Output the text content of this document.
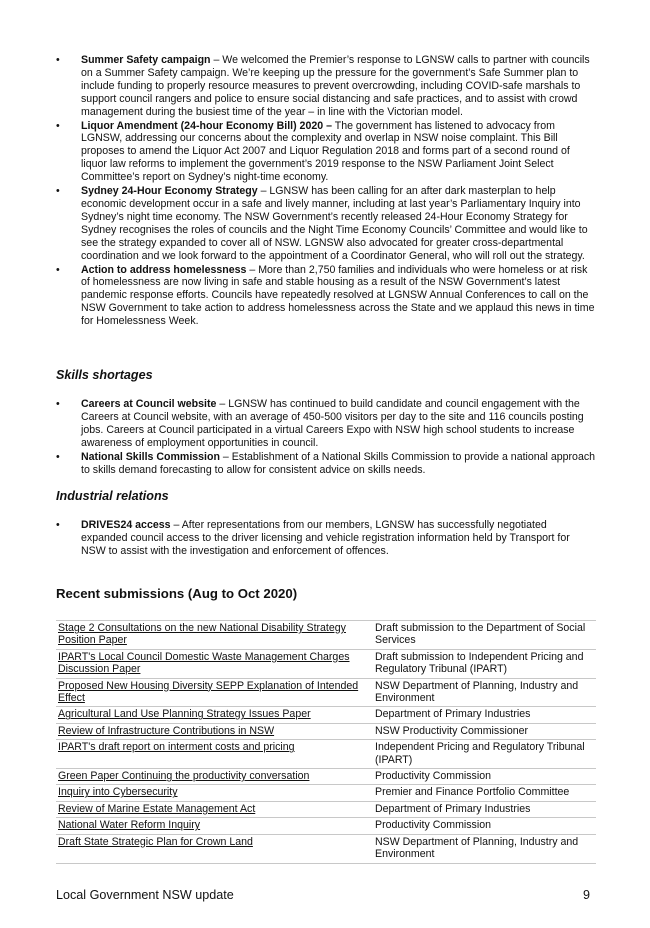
• Summer Safety campaign – We welcomed the Premier’s response to LGNSW calls to partner with councils on a Summer Safety campaign. We’re keeping up the pressure for the government’s Safe Summer plan to include funding to properly resource measures to prevent overcrowding, including COVID-safe marshals to support council rangers and police to ensure social distancing and safe practices, and to assist with crowd management during the busiest time of the year – in line with the Victorian model.
• Liquor Amendment (24-hour Economy Bill) 2020 – The government has listened to advocacy from LGNSW, addressing our concerns about the complexity and overlap in NSW noise complaint. This Bill proposes to amend the Liquor Act 2007 and Liquor Regulation 2018 and forms part of a second round of liquor law reforms to implement the government’s 2019 response to the NSW Parliament Joint Select Committee’s report on Sydney’s night-time economy.
• Sydney 24-Hour Economy Strategy – LGNSW has been calling for an after dark masterplan to help economic development occur in a safe and lively manner, including at last year’s Parliamentary Inquiry into Sydney’s night time economy. The NSW Government’s recently released 24-Hour Economy Strategy for Sydney recognises the roles of councils and the Night Time Economy Councils’ Committee and would like to see the strategy expanded to cover all of NSW. LGNSW also advocated for greater cross-departmental coordination and we look forward to the appointment of a Coordinator General, who will roll out the strategy.
• Action to address homelessness – More than 2,750 families and individuals who were homeless or at risk of homelessness are now living in safe and stable housing as a result of the NSW Government’s latest pandemic response efforts. Councils have repeatedly resolved at LGNSW Annual Conferences to call on the NSW Government to take action to address homelessness across the State and we applaud this news in time for Homelessness Week.
Skills shortages
• Careers at Council website – LGNSW has continued to build candidate and council engagement with the Careers at Council website, with an average of 450-500 visitors per day to the site and 116 councils posting jobs. Careers at Council participated in a virtual Careers Expo with NSW high school students to increase awareness of employment opportunities in council.
• National Skills Commission – Establishment of a National Skills Commission to provide a national approach to skills demand forecasting to allow for consistent advice on skills needs.
Industrial relations
• DRIVES24 access – After representations from our members, LGNSW has successfully negotiated expanded council access to the driver licensing and vehicle registration information held by Transport for NSW to assist with the investigation and enforcement of offences.
Recent submissions (Aug to Oct 2020)
Stage 2 Consultations on the new National Disability Strategy Position Paper	Draft submission to the Department of Social Services
IPART's Local Council Domestic Waste Management Charges Discussion Paper	Draft submission to Independent Pricing and Regulatory Tribunal (IPART)
Proposed New Housing Diversity SEPP Explanation of Intended Effect	NSW Department of Planning, Industry and Environment
Agricultural Land Use Planning Strategy Issues Paper	Department of Primary Industries
Review of Infrastructure Contributions in NSW	NSW Productivity Commissioner
IPART's draft report on interment costs and pricing	Independent Pricing and Regulatory Tribunal (IPART)
Green Paper Continuing the productivity conversation	Productivity Commission
Inquiry into Cybersecurity	Premier and Finance Portfolio Committee
Review of Marine Estate Management Act	Department of Primary Industries
National Water Reform Inquiry	Productivity Commission
Draft State Strategic Plan for Crown Land	NSW Department of Planning, Industry and Environment
Local Government NSW update	9
